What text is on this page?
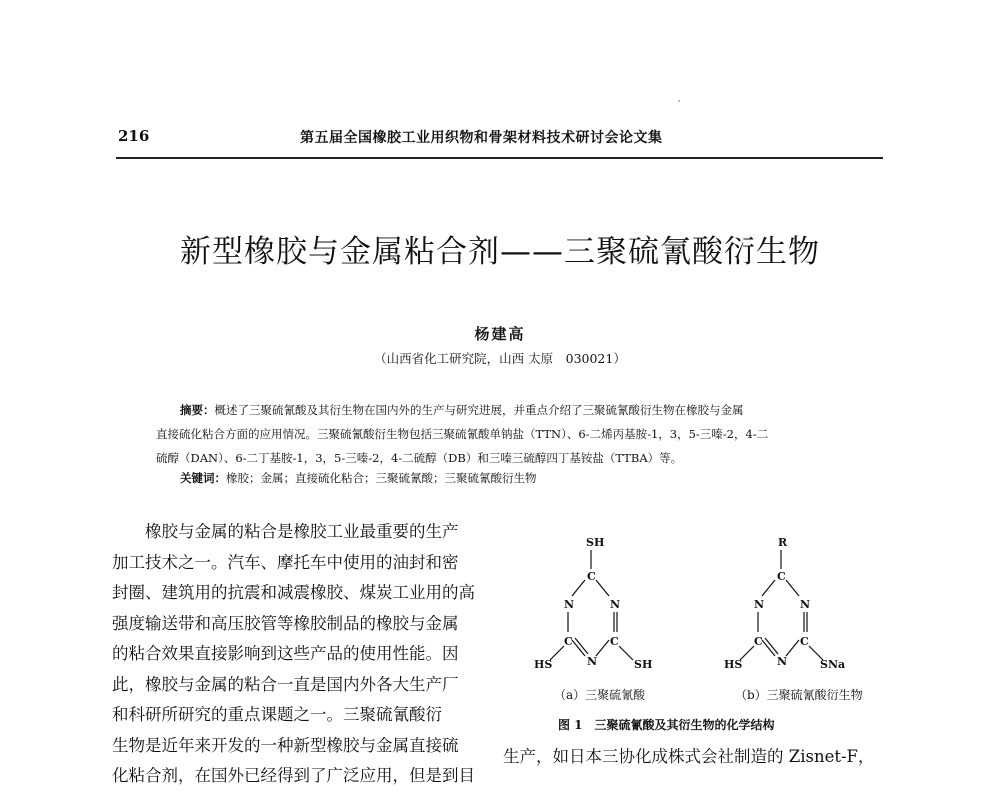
216	第五届全国橡胶工业用织物和骨架材料技术研讨会论文集
新型橡胶与金属粘合剂——三聚硫氰酸衍生物
杨建高
（山西省化工研究院，山西 太原　030021）
摘要：概述了三聚硫氰酸及其衍生物在国内外的生产与研究进展，并重点介绍了三聚硫氰酸衍生物在橡胶与金属
直接硫化粘合方面的应用情况。三聚硫氰酸衍生物包括三聚硫氰酸单钠盐（TTN）、6-二烯丙基胺-1，3，5-三嗪-2，4-二
硫醇（DAN）、6-二丁基胺-1，3，5-三嗪-2，4-二硫醇（DB）和三嗪三硫醇四丁基铵盐（TTBA）等。
关键词：橡胶；金属；直接硫化粘合；三聚硫氰酸；三聚硫氰酸衍生物
橡胶与金属的粘合是橡胶工业最重要的生产
加工技术之一。汽车、摩托车中使用的油封和密
封圈、建筑用的抗震和减震橡胶、煤炭工业用的高
强度输送带和高压胶管等橡胶制品的橡胶与金属
的粘合效果直接影响到这些产品的使用性能。因
此，橡胶与金属的粘合一直是国内外各大生产厂
和科研所研究的重点课题之一。三聚硫氰酸衍
生物是近年来开发的一种新型橡胶与金属直接硫
化粘合剂，在国外已经得到了广泛应用，但是到目
SH
C
N	N
C	C
N
HS	SH
R
C
N	N
C	C
N
HS	SNa
（a）三聚硫氰酸	（b）三聚硫氰酸衍生物
图 1　三聚硫氰酸及其衍生物的化学结构
生产，如日本三协化成株式会社制造的 Zisnet-F，
